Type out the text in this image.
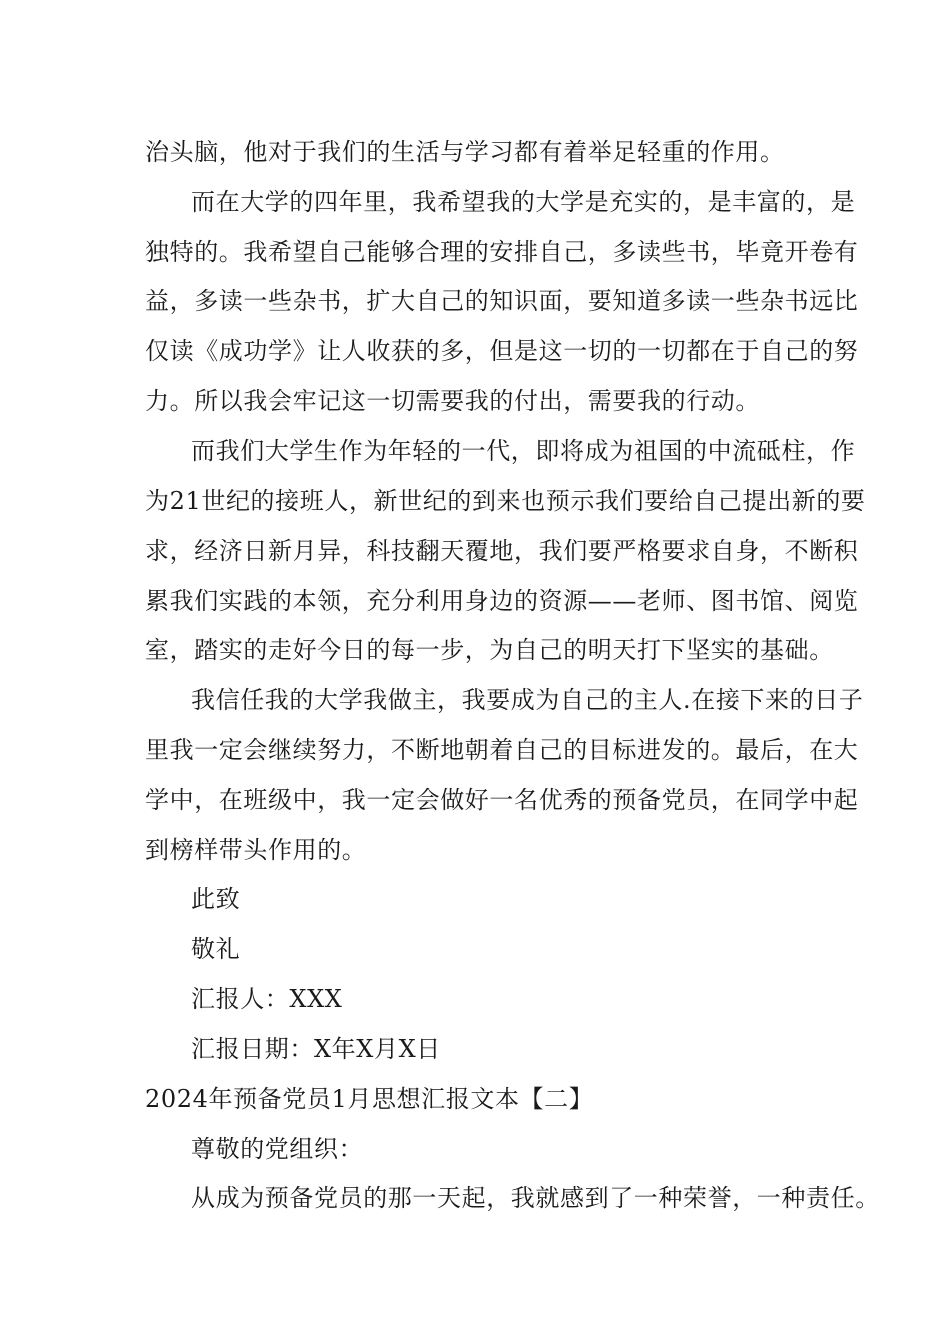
治头脑，他对于我们的生活与学习都有着举足轻重的作用。
而在大学的四年里，我希望我的大学是充实的，是丰富的，是
独特的。我希望自己能够合理的安排自己，多读些书，毕竟开卷有
益，多读一些杂书，扩大自己的知识面，要知道多读一些杂书远比
仅读《成功学》让人收获的多，但是这一切的一切都在于自己的努
力。所以我会牢记这一切需要我的付出，需要我的行动。
而我们大学生作为年轻的一代，即将成为祖国的中流砥柱，作
为21世纪的接班人，新世纪的到来也预示我们要给自己提出新的要
求，经济日新月异，科技翻天覆地，我们要严格要求自身，不断积
累我们实践的本领，充分利用身边的资源——老师、图书馆、阅览
室，踏实的走好今日的每一步，为自己的明天打下坚实的基础。
我信任我的大学我做主，我要成为自己的主人.在接下来的日子
里我一定会继续努力，不断地朝着自己的目标进发的。最后，在大
学中，在班级中，我一定会做好一名优秀的预备党员，在同学中起
到榜样带头作用的。
此致
敬礼
汇报人：XXX
汇报日期：X年X月X日
2024年预备党员1月思想汇报文本【二】
尊敬的党组织：
从成为预备党员的那一天起，我就感到了一种荣誉，一种责任。
